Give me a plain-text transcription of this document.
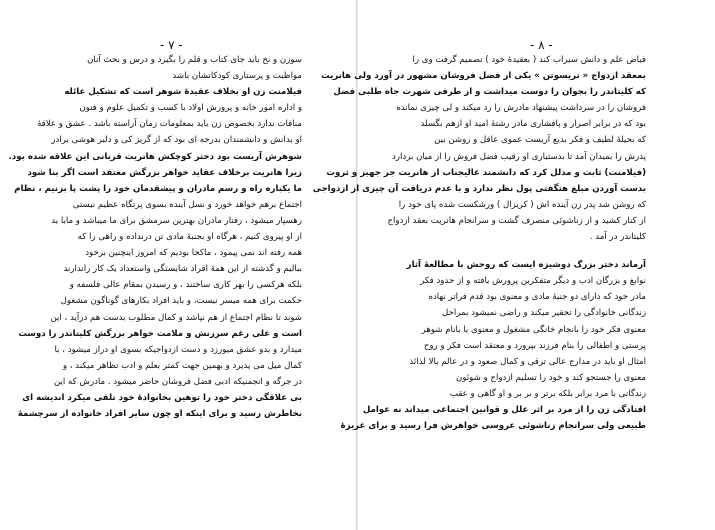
- ۷ -
سوزن و نخ باید جای کتاب و قلم را بگیرد و درس و بحث آنان
مواظبت و پرستاری کودکانشان باشد
فیلامنت زن او بخلاف عقیدهٔ شوهر است که تشکیل عائله
و اداره امور خانه و پرورش اولاد با کسب و تکمیل علوم و فنون
منافات ندارد بخصوص زن باید بمعلومات زمان آراسته باشد . عشق و علاقهٔ
او بدانش و دانشمندان بدرجه ای بود که از گریز کی و دلبر هوشی برادر
شوهرش آریست بود دختر کوچکش هانریت قربانی این علاقه شده بود.
زیرا هانریت برخلاف عقاید خواهر بزرگش معتقد است اگر بنا شود
ما یکباره راه و رسم مادران و پیشقدمان خود را پشت پا بزنیم ، نظام
اجتماع برهم خواهد خورد و نسل آینده بسوی پرتگاه عظیم نیستی
رهسپار میشود ، رفتار مادران بهترین سرمشق برای ما میباشد و مایا ید
از او پیروی کنیم ، هرگاه او بجنبهٔ مادی تن درنداده و راهی را که
همه رفته اند نمی پیمود ، ماکجا بودیم که امروز اینچنین برخود
ببالیم و گذشته از این همهٔ افراد شایستگی واستعداد یک کار راندارند
بلکه هرکسی را بهر کاری ساختند ، و رسیدن بمقام عالی فلسفه و
حکمت برای همه میسر نیست، و باید افراد بکارهای گوناگون مشغول
شوند تا نظام اجتماع از هم نپاشد و کمال مطلوب بدست هم درآید ، این
است و علی رغم سرزنش و ملامت خواهر بزرگش کلیتاندر را دوست
میدارد و بدو عشق میورزد و دست ازدواجیکه بسوی او دراز میشود ، با
کمال میل می پذیرد و بهمین جهت کمتر بعلم و ادب تظاهر میکند ، و
در جرگه و انجمنیکه ادبی فضل فروشان حاضر میشود . مادرش که این
بی علاقگی دختر خود را توهین بخانوادهٔ خود تلقی میکرد اندیشه ای
بخاطرش رسید و برای اینکه او چون سایر افراد خانواده از سرچشمهٔ
- ۸ -
فیاض علم و دانش سیراب کند ( بعقیدهٔ خود ) تصمیم گرفت وی را
بمعقد ازدواج « تریسوتن » یکی از فضل فروشان مشهور در آورد ولی هانریت
که کلیتاندر را بجوان را دوست میداشت و از طرفی شهرت جاه طلبی فضل
فروشان را در سرداشت پیشنهاد مادرش را رد میکند و لی چیزی نمانده
بود که در برابر اصرار و پافشاری مادر رشتهٔ امید او ازهم بگسلد
که بحیلهٔ لطیف و فکر بدیع آریست عموی عاقل و روشن بین
پدرش را بمیدان آمد تا بدستیاری او رقیب فضل فروش را از میان بردارد
(فیلامنت) ثابت و مدلل کرد که دانشمند عالیجناب از هانریت جز جهیز و ثروت
بدست آوردن مبلغ هنگفتی پول نظر ندارد و با عدم دریافت آن چیزی از ازدواجی
که روشن شد پدر زن آینده اش ( کریزال ) ورشکست شده پای خود را
از کنار کشید و از زناشوئی منصرف گشت و سرانجام هانریت بعقد ازدواج
کلیتاندر در آمد .
آرماند دختر بزرگ دوشیزه ایست که روحش با مطالعهٔ آثار
نوابغ و بزرگان ادب و دیگر متفکرین پرورش یافته و از حدود فکر
مادر خود که دارای دو جنبهٔ مادی و معنوی بود قدم فراتر نهاده
زندگانی خانوادگی را تحقیر میکند و راضی نمیشود بمراحل
معنوی فکر خود را بانجام خانگی مشغول و معنوی با بانام شوهر
پرستی و اطفالی را بنام فرزند بپرورد و معتقد است فکر و روح
امثال او باید در مدارج عالی ترقی و کمال صعود و در عالم بالا لذائذ
معنوی را جستجو کند و خود را تسلیم ازدواج و شوئون
زندگانی با مرد برابر بلکه برتر و بر بر و او گاهی و عقب
افتادگی زن را از مرد بر اثر علل و قوانین اجتماعی میداند نه عوامل
طبیعی ولی سرانجام زناشوئی عروسی خواهرش فرا رسید و برای غریزهٔ
